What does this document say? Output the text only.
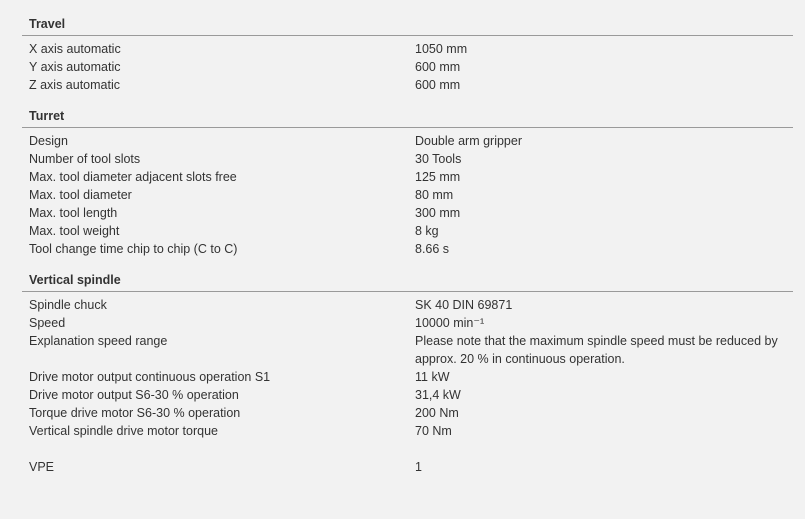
Travel
X axis automatic	1050 mm
Y axis automatic	600 mm
Z axis automatic	600 mm
Turret
Design	Double arm gripper
Number of tool slots	30 Tools
Max. tool diameter adjacent slots free	125 mm
Max. tool diameter	80 mm
Max. tool length	300 mm
Max. tool weight	8 kg
Tool change time chip to chip (C to C)	8.66 s
Vertical spindle
Spindle chuck	SK 40 DIN 69871
Speed	10000 min⁻¹
Explanation speed range	Please note that the maximum spindle speed must be reduced by approx. 20 % in continuous operation.
Drive motor output continuous operation S1	11 kW
Drive motor output S6-30 % operation	31,4 kW
Torque drive motor S6-30 % operation	200 Nm
Vertical spindle drive motor torque	70 Nm
VPE	1
